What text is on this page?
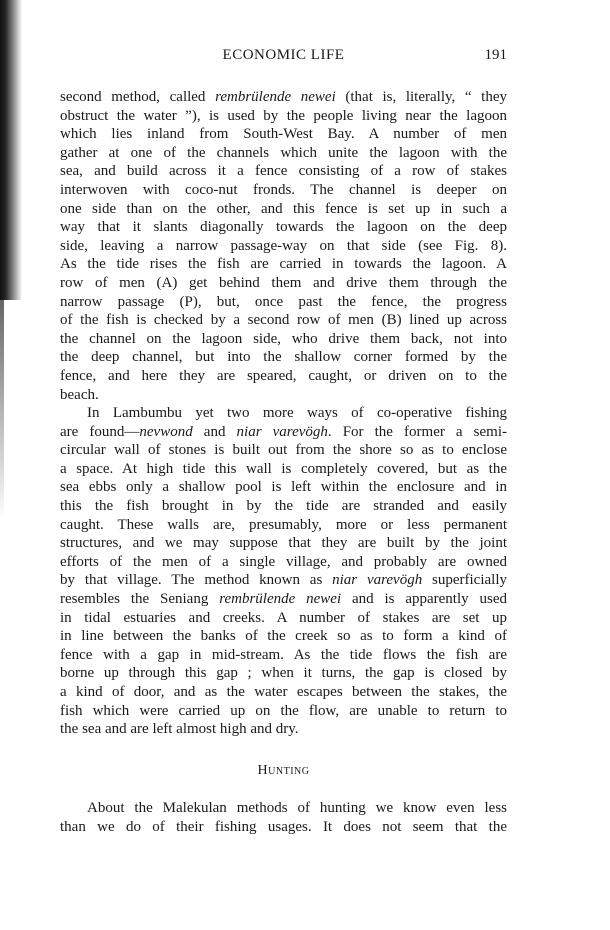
ECONOMIC LIFE	191
second method, called rembrülende newei (that is, literally, “ they
obstruct the water ”), is used by the people living near the lagoon
which lies inland from South-West Bay. A number of men
gather at one of the channels which unite the lagoon with the
sea, and build across it a fence consisting of a row of stakes
interwoven with coco-nut fronds. The channel is deeper on
one side than on the other, and this fence is set up in such a
way that it slants diagonally towards the lagoon on the deep
side, leaving a narrow passage-way on that side (see Fig. 8).
As the tide rises the fish are carried in towards the lagoon. A
row of men (A) get behind them and drive them through the
narrow passage (P), but, once past the fence, the progress
of the fish is checked by a second row of men (B) lined up across
the channel on the lagoon side, who drive them back, not into
the deep channel, but into the shallow corner formed by the
fence, and here they are speared, caught, or driven on to the
beach.
In Lambumbu yet two more ways of co-operative fishing
are found—nevwond and niar varevögh. For the former a semi-
circular wall of stones is built out from the shore so as to enclose
a space. At high tide this wall is completely covered, but as the
sea ebbs only a shallow pool is left within the enclosure and in
this the fish brought in by the tide are stranded and easily
caught. These walls are, presumably, more or less permanent
structures, and we may suppose that they are built by the joint
efforts of the men of a single village, and probably are owned
by that village. The method known as niar varevögh superficially
resembles the Seniang rembrülende newei and is apparently used
in tidal estuaries and creeks. A number of stakes are set up
in line between the banks of the creek so as to form a kind of
fence with a gap in mid-stream. As the tide flows the fish are
borne up through this gap ; when it turns, the gap is closed by
a kind of door, and as the water escapes between the stakes, the
fish which were carried up on the flow, are unable to return to
the sea and are left almost high and dry.
Hunting
About the Malekulan methods of hunting we know even less
than we do of their fishing usages. It does not seem that the
